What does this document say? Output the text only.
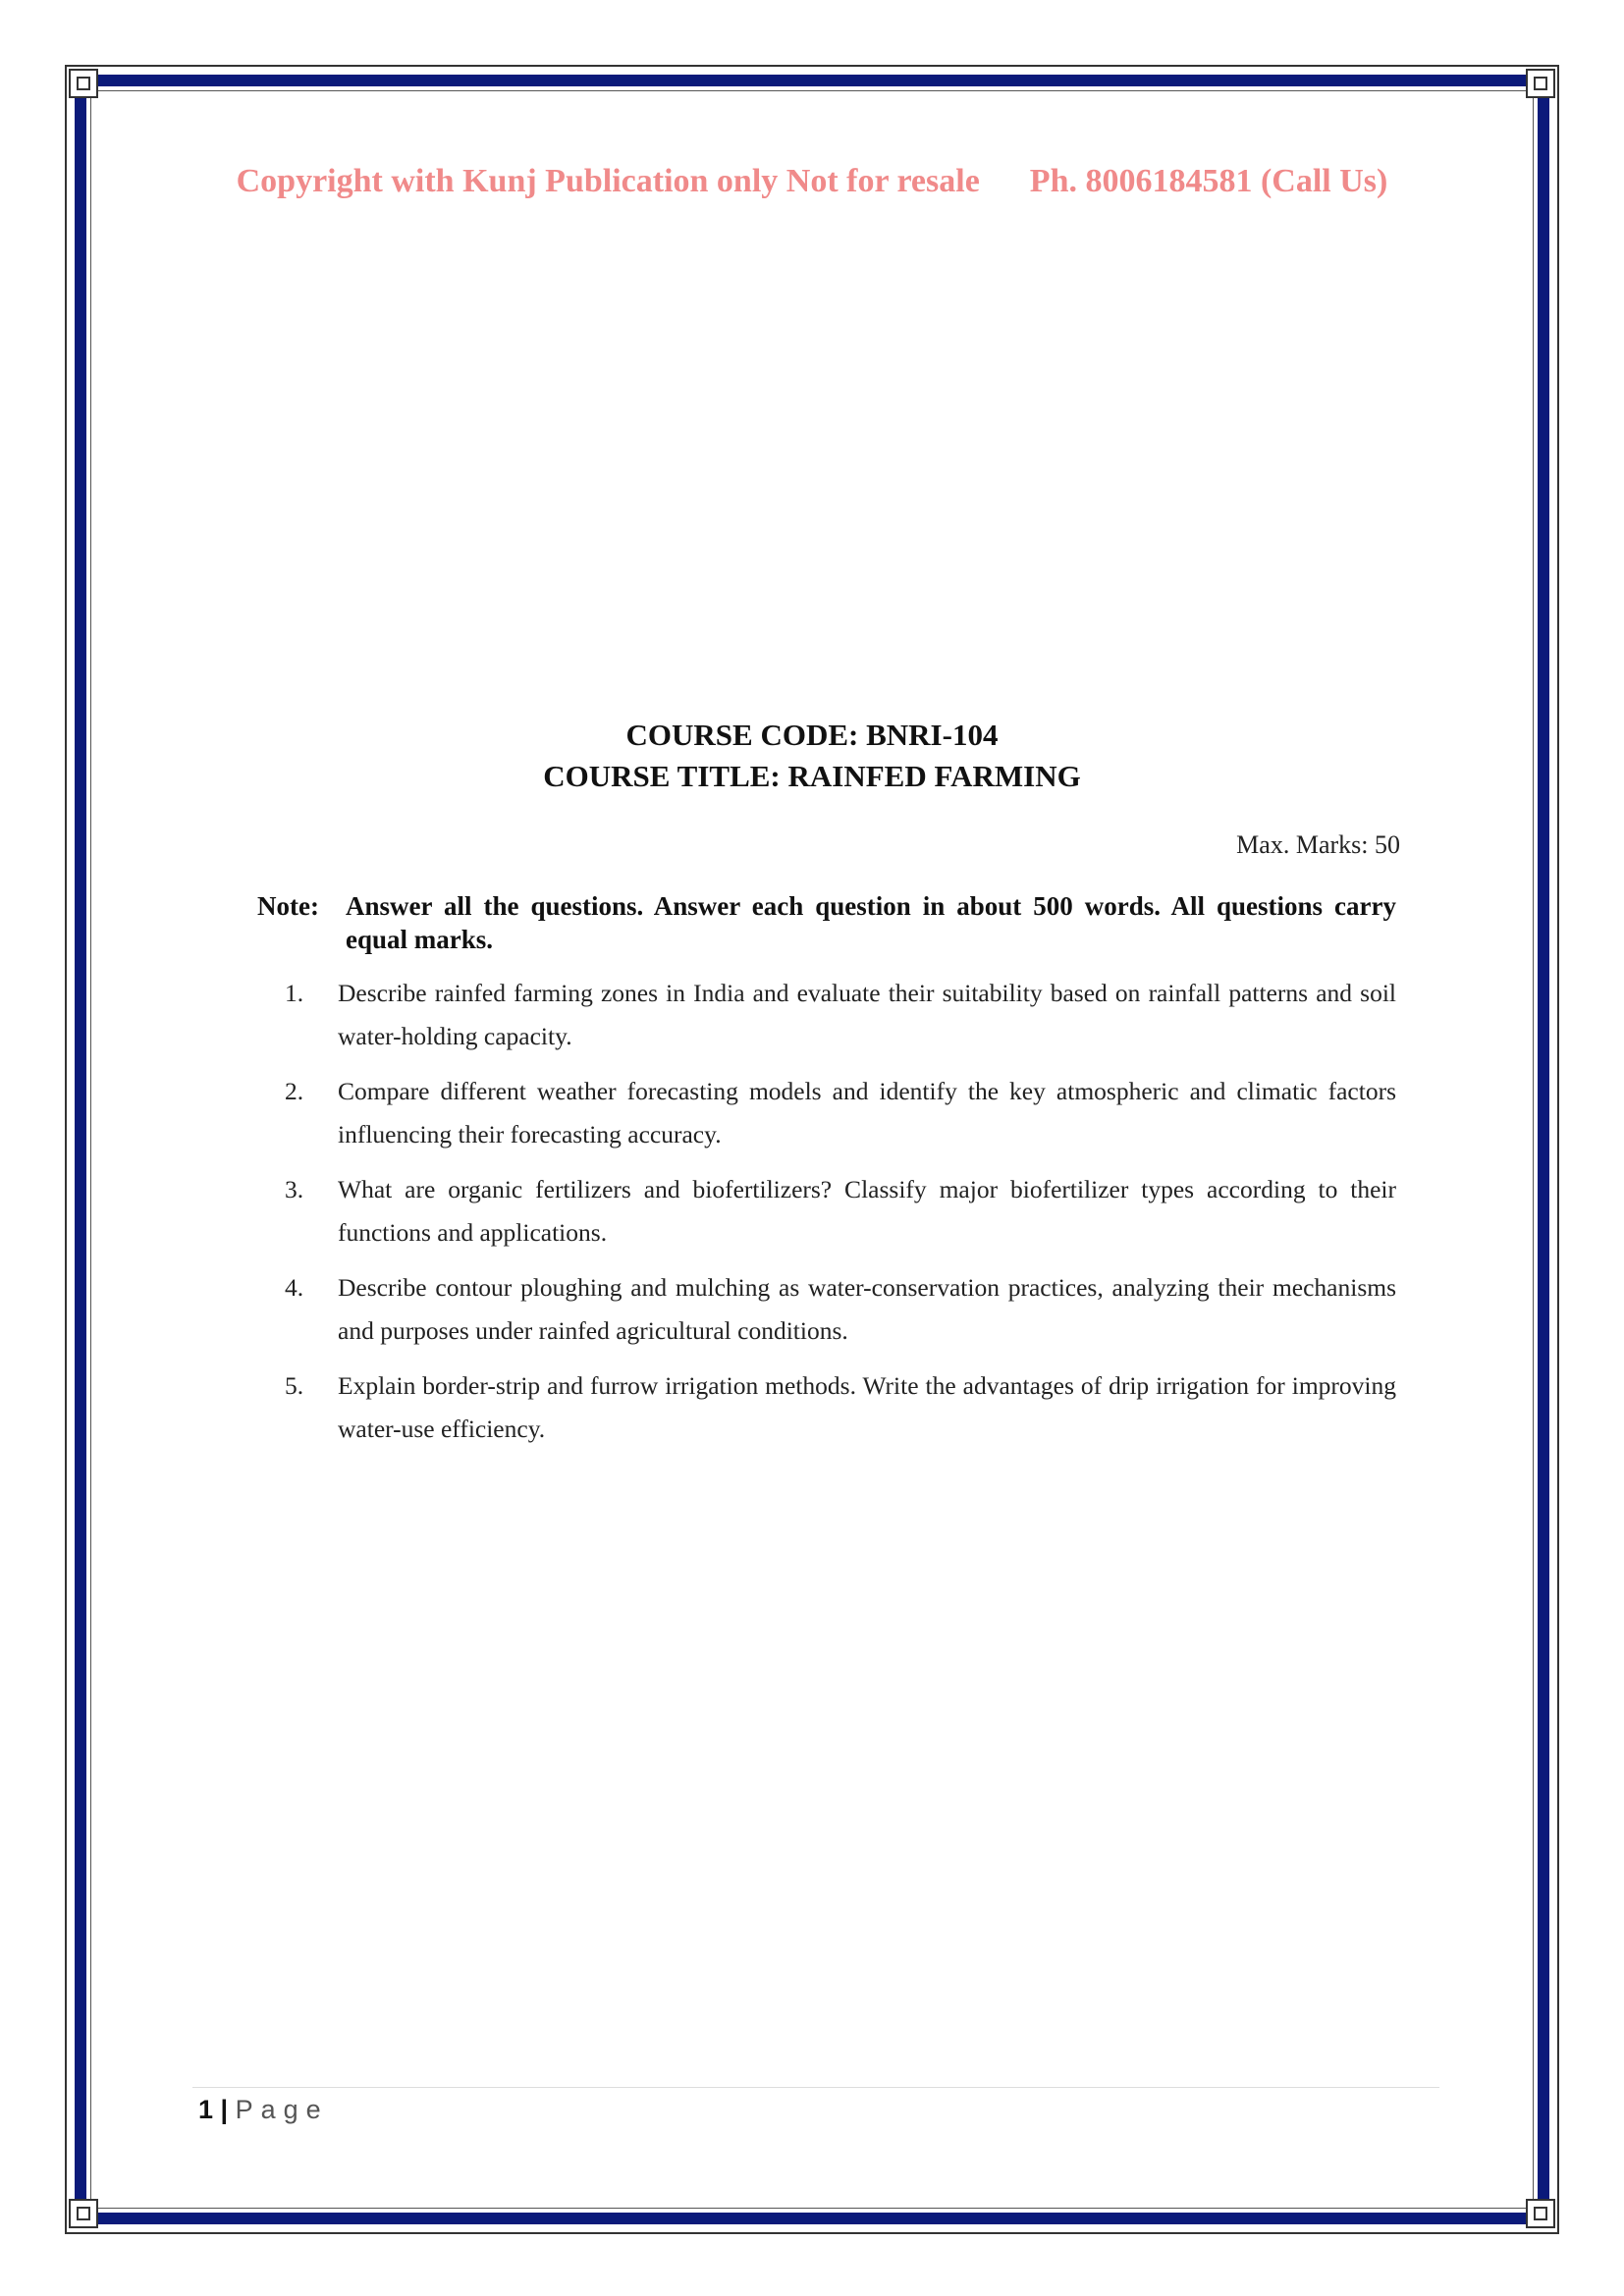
Copyright with Kunj Publication only Not for resale Ph. 8006184581 (Call Us)
COURSE CODE: BNRI-104
COURSE TITLE: RAINFED FARMING
Max. Marks: 50
Note:	Answer all the questions. Answer each question in about 500 words. All questions carry equal marks.
1. Describe rainfed farming zones in India and evaluate their suitability based on rainfall patterns and soil water-holding capacity.
2. Compare different weather forecasting models and identify the key atmospheric and climatic factors influencing their forecasting accuracy.
3. What are organic fertilizers and biofertilizers? Classify major biofertilizer types according to their functions and applications.
4. Describe contour ploughing and mulching as water-conservation practices, analyzing their mechanisms and purposes under rainfed agricultural conditions.
5. Explain border-strip and furrow irrigation methods. Write the advantages of drip irrigation for improving water-use efficiency.
1 | Page
